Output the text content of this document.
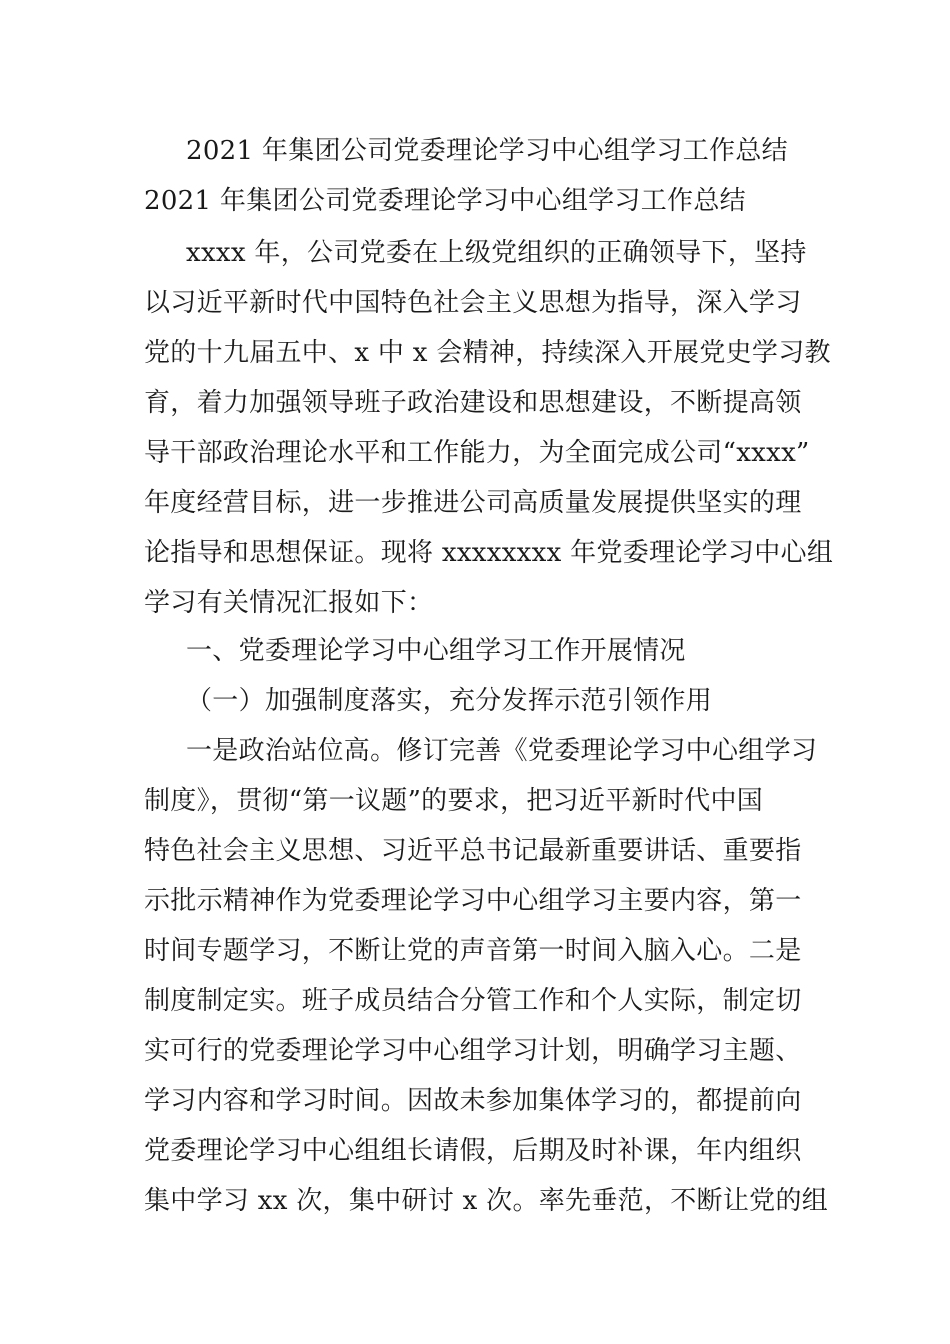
2021 年集团公司党委理论学习中心组学习工作总结
2021 年集团公司党委理论学习中心组学习工作总结
xxxx 年，公司党委在上级党组织的正确领导下，坚持
以习近平新时代中国特色社会主义思想为指导，深入学习
党的十九届五中、x 中 x 会精神，持续深入开展党史学习教
育，着力加强领导班子政治建设和思想建设，不断提高领
导干部政治理论水平和工作能力，为全面完成公司“xxxx”
年度经营目标，进一步推进公司高质量发展提供坚实的理
论指导和思想保证。现将 xxxxxxxx 年党委理论学习中心组
学习有关情况汇报如下：
一、党委理论学习中心组学习工作开展情况
（一）加强制度落实，充分发挥示范引领作用
一是政治站位高。修订完善《党委理论学习中心组学习
制度》，贯彻“第一议题”的要求，把习近平新时代中国
特色社会主义思想、习近平总书记最新重要讲话、重要指
示批示精神作为党委理论学习中心组学习主要内容，第一
时间专题学习，不断让党的声音第一时间入脑入心。二是
制度制定实。班子成员结合分管工作和个人实际，制定切
实可行的党委理论学习中心组学习计划，明确学习主题、
学习内容和学习时间。因故未参加集体学习的，都提前向
党委理论学习中心组组长请假，后期及时补课，年内组织
集中学习 xx 次，集中研讨 x 次。率先垂范，不断让党的组
